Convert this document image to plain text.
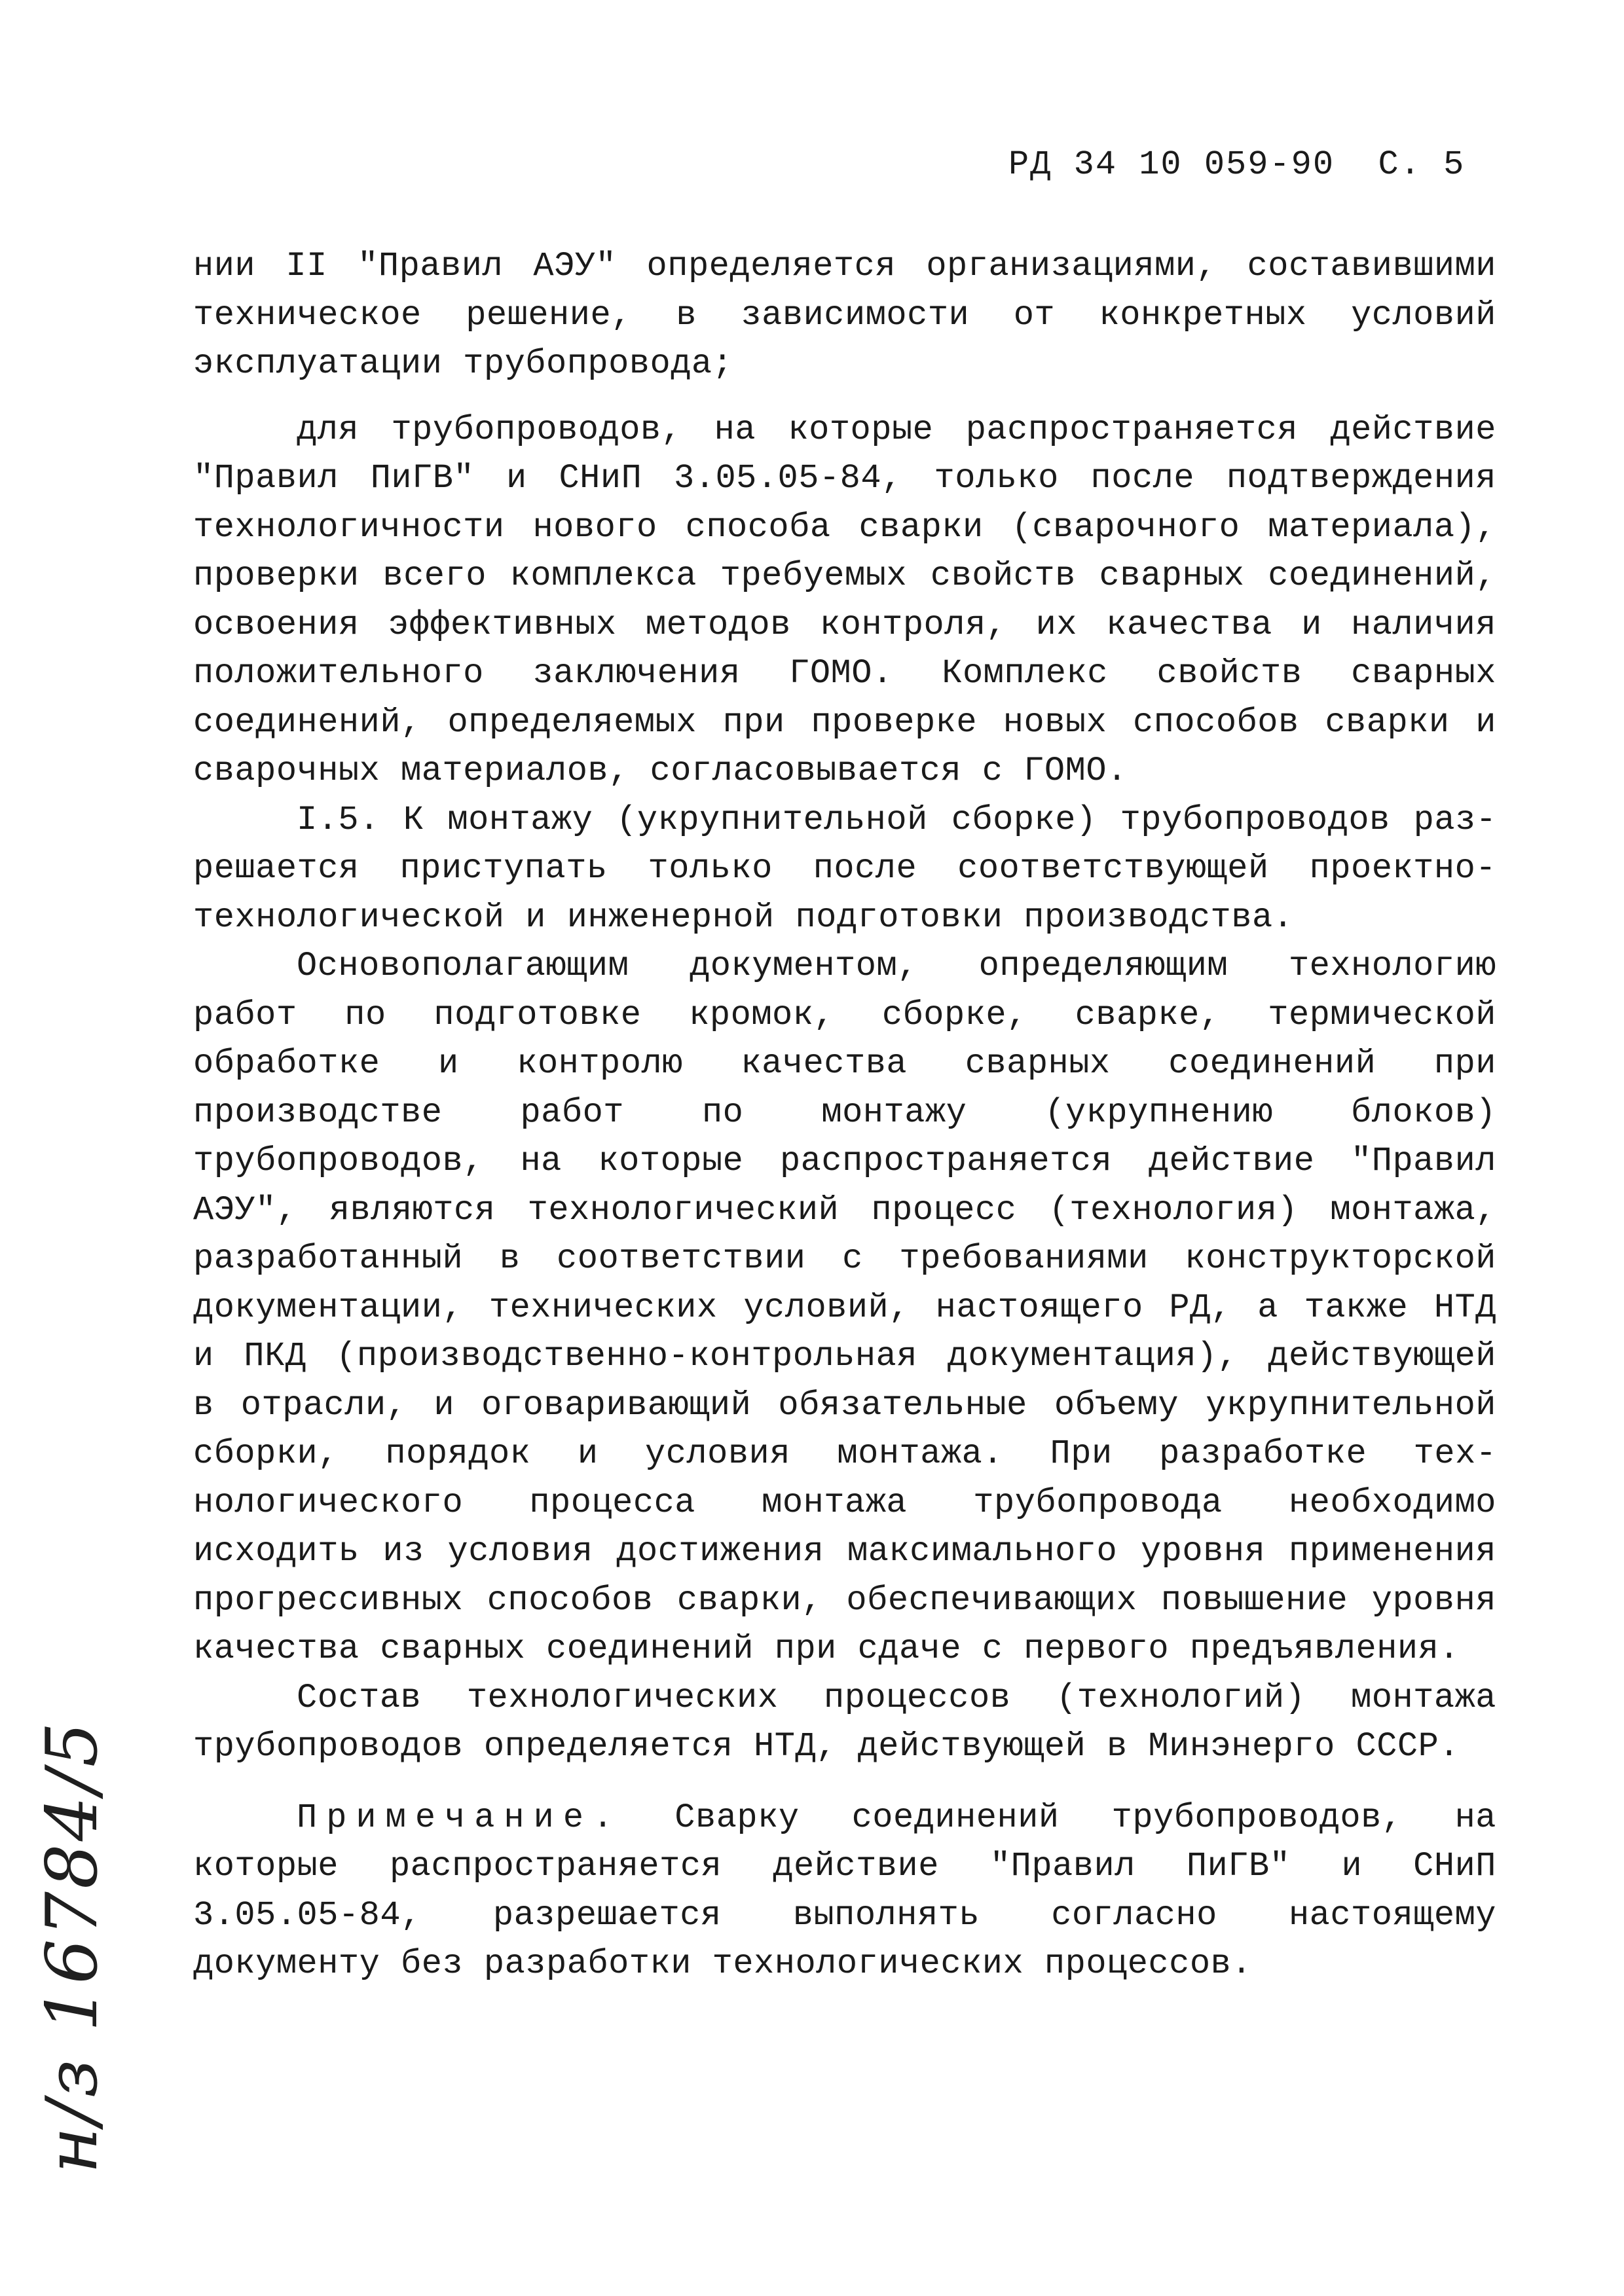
РД 34 10 059-90 С. 5

нии II "Правил АЭУ" определяется организациями, составившими техническое решение, в зависимости от конкретных условий эксплуатации трубопровода;

для трубопроводов, на которые распространяется действие "Правил ПиГВ" и СНиП 3.05.05-84, только после подтверждения технологичности нового способа сварки (сварочного материала), проверки всего комплекса требуемых свойств сварных соединений, освоения эффективных методов контроля, их качества и наличия положительного заключения ГОМО. Комплекс свойств сварных соединений, определяемых при проверке новых способов сварки и сварочных материалов, согласовывается с ГОМО.

I.5. К монтажу (укрупнительной сборке) трубопроводов разрешается приступать только после соответствующей проектно-технологической и инженерной подготовки производства.

Основополагающим документом, определяющим технологию работ по подготовке кромок, сборке, сварке, термической обработке и контролю качества сварных соединений при производстве работ по монтажу (укрупнению блоков) трубопроводов, на которые распространяется действие "Правил АЭУ", являются технологический процесс (технология) монтажа, разработанный в соответствии с требованиями конструкторской документации, технических условий, настоящего РД, а также НТД и ПКД (производственно-контрольная документация), действующей в отрасли, и оговаривающий обязательные объему укрупнительной сборки, порядок и условия монтажа. При разработке технологического процесса монтажа трубопровода необходимо исходить из условия достижения максимального уровня применения прогрессивных способов сварки, обеспечивающих повышение уровня качества сварных соединений при сдаче с первого предъявления.

Состав технологических процессов (технологий) монтажа трубопроводов определяется НТД, действующей в Минэнерго СССР.

Примечание. Сварку соединений трубопроводов, на которые распространяется действие "Правил ПиГВ" и СНиП 3.05.05-84, разрешается выполнять согласно настоящему документу без разработки технологических процессов.

н/з 16784/5
